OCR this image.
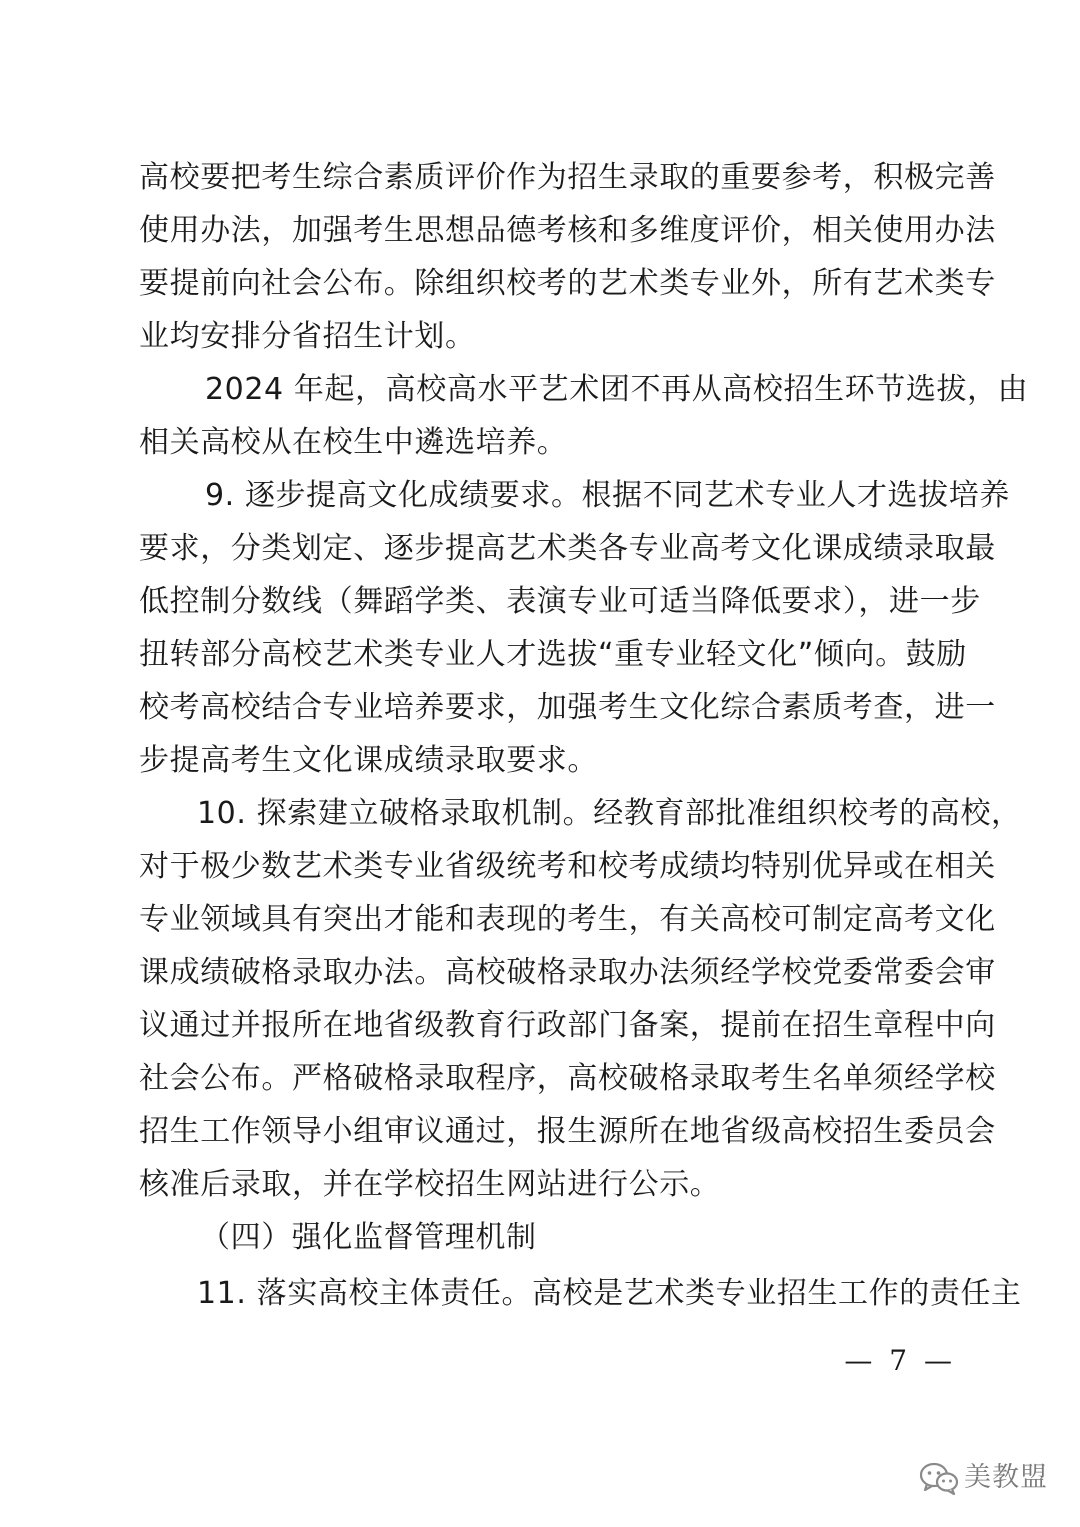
高校要把考生综合素质评价作为招生录取的重要参考，积极完善
使用办法，加强考生思想品德考核和多维度评价，相关使用办法
要提前向社会公布。除组织校考的艺术类专业外，所有艺术类专
业均安排分省招生计划。
2024 年起，高校高水平艺术团不再从高校招生环节选拔，由
相关高校从在校生中遴选培养。
9. 逐步提高文化成绩要求。根据不同艺术专业人才选拔培养
要求，分类划定、逐步提高艺术类各专业高考文化课成绩录取最
低控制分数线（舞蹈学类、表演专业可适当降低要求），进一步
扭转部分高校艺术类专业人才选拔“重专业轻文化”倾向。鼓励
校考高校结合专业培养要求，加强考生文化综合素质考查，进一
步提高考生文化课成绩录取要求。
10. 探索建立破格录取机制。经教育部批准组织校考的高校，
对于极少数艺术类专业省级统考和校考成绩均特别优异或在相关
专业领域具有突出才能和表现的考生，有关高校可制定高考文化
课成绩破格录取办法。高校破格录取办法须经学校党委常委会审
议通过并报所在地省级教育行政部门备案，提前在招生章程中向
社会公布。严格破格录取程序，高校破格录取考生名单须经学校
招生工作领导小组审议通过，报生源所在地省级高校招生委员会
核准后录取，并在学校招生网站进行公示。
（四）强化监督管理机制
11. 落实高校主体责任。高校是艺术类专业招生工作的责任主
— 7 —
美教盟
